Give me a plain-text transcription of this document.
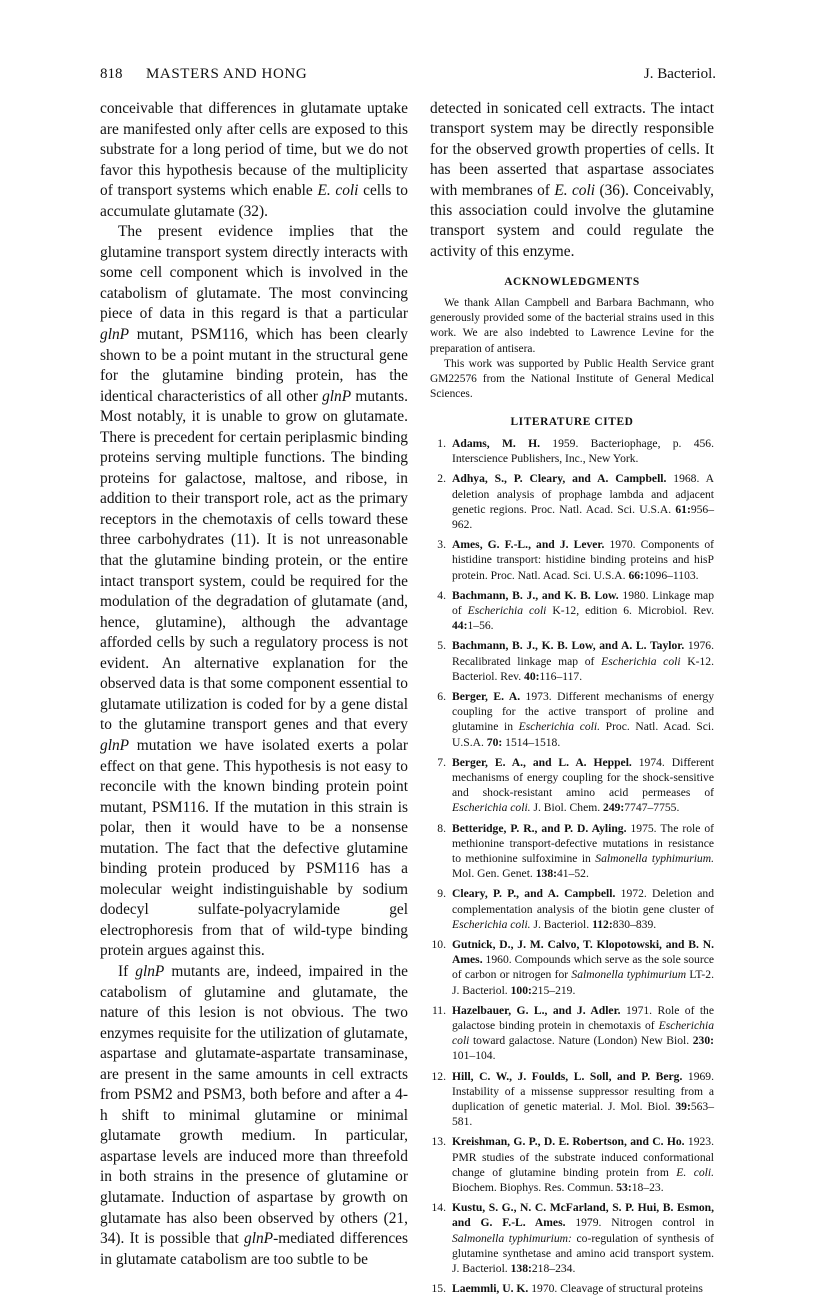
818 MASTERS AND HONG	J. Bacteriol.

conceivable that differences in glutamate uptake are manifested only after cells are exposed to this substrate for a long period of time, but we do not favor this hypothesis because of the multiplicity of transport systems which enable E. coli cells to accumulate glutamate (32).

The present evidence implies that the glutamine transport system directly interacts with some cell component which is involved in the catabolism of glutamate. The most convincing piece of data in this regard is that a particular glnP mutant, PSM116, which has been clearly shown to be a point mutant in the structural gene for the glutamine binding protein, has the identical characteristics of all other glnP mutants. Most notably, it is unable to grow on glutamate. There is precedent for certain periplasmic binding proteins serving multiple functions. The binding proteins for galactose, maltose, and ribose, in addition to their transport role, act as the primary receptors in the chemotaxis of cells toward these three carbohydrates (11). It is not unreasonable that the glutamine binding protein, or the entire intact transport system, could be required for the modulation of the degradation of glutamate (and, hence, glutamine), although the advantage afforded cells by such a regulatory process is not evident. An alternative explanation for the observed data is that some component essential to glutamate utilization is coded for by a gene distal to the glutamine transport genes and that every glnP mutation we have isolated exerts a polar effect on that gene. This hypothesis is not easy to reconcile with the known binding protein point mutant, PSM116. If the mutation in this strain is polar, then it would have to be a nonsense mutation. The fact that the defective glutamine binding protein produced by PSM116 has a molecular weight indistinguishable by sodium dodecyl sulfate-polyacrylamide gel electrophoresis from that of wild-type binding protein argues against this.

If glnP mutants are, indeed, impaired in the catabolism of glutamine and glutamate, the nature of this lesion is not obvious. The two enzymes requisite for the utilization of glutamate, aspartase and glutamate-aspartate transaminase, are present in the same amounts in cell extracts from PSM2 and PSM3, both before and after a 4-h shift to minimal glutamine or minimal glutamate growth medium. In particular, aspartase levels are induced more than threefold in both strains in the presence of glutamine or glutamate. Induction of aspartase by growth on glutamate has also been observed by others (21, 34). It is possible that glnP-mediated differences in glutamate catabolism are too subtle to be

detected in sonicated cell extracts. The intact transport system may be directly responsible for the observed growth properties of cells. It has been asserted that aspartase associates with membranes of E. coli (36). Conceivably, this association could involve the glutamine transport system and could regulate the activity of this enzyme.

ACKNOWLEDGMENTS

We thank Allan Campbell and Barbara Bachmann, who generously provided some of the bacterial strains used in this work. We are also indebted to Lawrence Levine for the preparation of antisera.

This work was supported by Public Health Service grant GM22576 from the National Institute of General Medical Sciences.

LITERATURE CITED
1. Adams, M. H. 1959. Bacteriophage, p. 456. Interscience Publishers, Inc., New York.
2. Adhya, S., P. Cleary, and A. Campbell. 1968. A deletion analysis of prophage lambda and adjacent genetic regions. Proc. Natl. Acad. Sci. U.S.A. 61:956–962.
3. Ames, G. F.-L., and J. Lever. 1970. Components of histidine transport: histidine binding proteins and hisP protein. Proc. Natl. Acad. Sci. U.S.A. 66:1096–1103.
4. Bachmann, B. J., and K. B. Low. 1980. Linkage map of Escherichia coli K-12, edition 6. Microbiol. Rev. 44:1–56.
5. Bachmann, B. J., K. B. Low, and A. L. Taylor. 1976. Recalibrated linkage map of Escherichia coli K-12. Bacteriol. Rev. 40:116–117.
6. Berger, E. A. 1973. Different mechanisms of energy coupling for the active transport of proline and glutamine in Escherichia coli. Proc. Natl. Acad. Sci. U.S.A. 70: 1514–1518.
7. Berger, E. A., and L. A. Heppel. 1974. Different mechanisms of energy coupling for the shock-sensitive and shock-resistant amino acid permeases of Escherichia coli. J. Biol. Chem. 249:7747–7755.
8. Betteridge, P. R., and P. D. Ayling. 1975. The role of methionine transport-defective mutations in resistance to methionine sulfoximine in Salmonella typhimurium. Mol. Gen. Genet. 138:41–52.
9. Cleary, P. P., and A. Campbell. 1972. Deletion and complementation analysis of the biotin gene cluster of Escherichia coli. J. Bacteriol. 112:830–839.
10. Gutnick, D., J. M. Calvo, T. Klopotowski, and B. N. Ames. 1960. Compounds which serve as the sole source of carbon or nitrogen for Salmonella typhimurium LT-2. J. Bacteriol. 100:215–219.
11. Hazelbauer, G. L., and J. Adler. 1971. Role of the galactose binding protein in chemotaxis of Escherichia coli toward galactose. Nature (London) New Biol. 230: 101–104.
12. Hill, C. W., J. Foulds, L. Soll, and P. Berg. 1969. Instability of a missense suppressor resulting from a duplication of genetic material. J. Mol. Biol. 39:563–581.
13. Kreishman, G. P., D. E. Robertson, and C. Ho. 1923. PMR studies of the substrate induced conformational change of glutamine binding protein from E. coli. Biochem. Biophys. Res. Commun. 53:18–23.
14. Kustu, S. G., N. C. McFarland, S. P. Hui, B. Esmon, and G. F.-L. Ames. 1979. Nitrogen control in Salmonella typhimurium: co-regulation of synthesis of glutamine synthetase and amino acid transport system. J. Bacteriol. 138:218–234.
15. Laemmli, U. K. 1970. Cleavage of structural proteins
